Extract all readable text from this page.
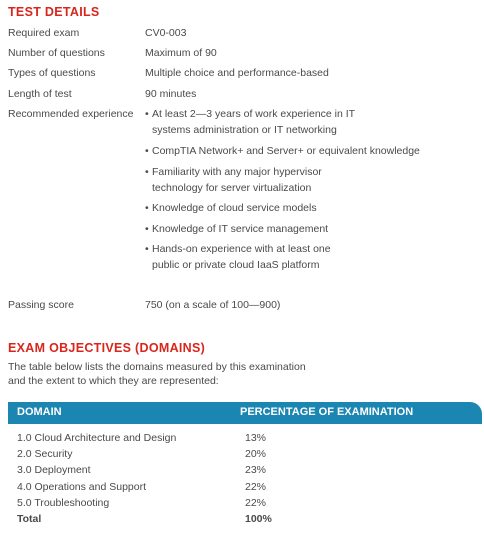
TEST DETAILS
Required exam	CV0-003
Number of questions	Maximum of 90
Types of questions	Multiple choice and performance-based
Length of test	90 minutes
Recommended experience • At least 2—3 years of work experience in IT
systems administration or IT networking
• CompTIA Network+ and Server+ or equivalent knowledge
• Familiarity with any major hypervisor
technology for server virtualization
• Knowledge of cloud service models
• Knowledge of IT service management
• Hands-on experience with at least one
public or private cloud IaaS platform
Passing score	750 (on a scale of 100—900)
EXAM OBJECTIVES (DOMAINS)
The table below lists the domains measured by this examination
and the extent to which they are represented:
DOMAIN	PERCENTAGE OF EXAMINATION
1.0 Cloud Architecture and Design	13%
2.0 Security	20%
3.0 Deployment	23%
4.0 Operations and Support	22%
5.0 Troubleshooting	22%
Total	100%
